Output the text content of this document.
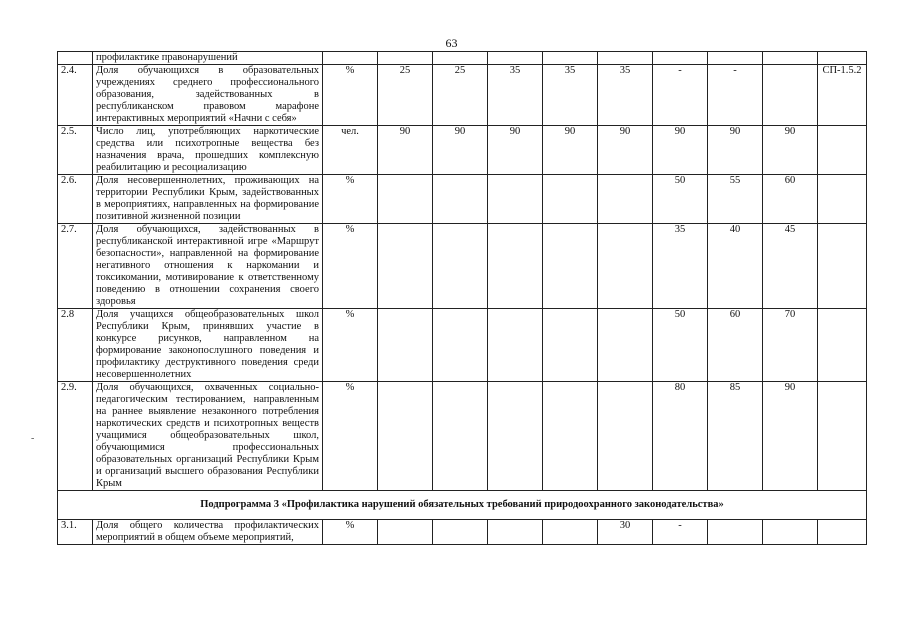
63
-
	профилактике правонарушений										
2.4.	Доля обучающихся в образовательных учреждениях среднего профессионального образования, задействованных в республиканском правовом марафоне интерактивных мероприятий «Начни с себя»	%	25	25	35	35	35	-	-		СП-1.5.2
2.5.	Число лиц, употребляющих наркотические средства или психотропные вещества без назначения врача, прошедших комплексную реабилитацию и ресоциализацию	чел.	90	90	90	90	90	90	90	90	
2.6.	Доля несовершеннолетних, проживающих на территории Республики Крым, задействованных в мероприятиях, направленных на формирование позитивной жизненной позиции	%						50	55	60	
2.7.	Доля обучающихся, задействованных в республиканской интерактивной игре «Маршрут безопасности», направленной на формирование негативного отношения к наркомании и токсикомании, мотивирование к ответственному поведению в отношении сохранения своего здоровья	%						35	40	45	
2.8	Доля учащихся общеобразовательных школ Республики Крым, принявших участие в конкурсе рисунков, направленном на формирование законопослушного поведения и профилактику деструктивного поведения среди несовершеннолетних	%						50	60	70	
2.9.	Доля обучающихся, охваченных социально-педагогическим тестированием, направленным на раннее выявление незаконного потребления наркотических средств и психотропных веществ учащимися общеобразовательных школ, обучающимися профессиональных образовательных организаций Республики Крым и организаций высшего образования Республики Крым	%						80	85	90	
Подпрограмма 3 «Профилактика нарушений обязательных требований природоохранного законодательства»											
3.1.	Доля общего количества профилактических мероприятий в общем объеме мероприятий,	%					30	-			
